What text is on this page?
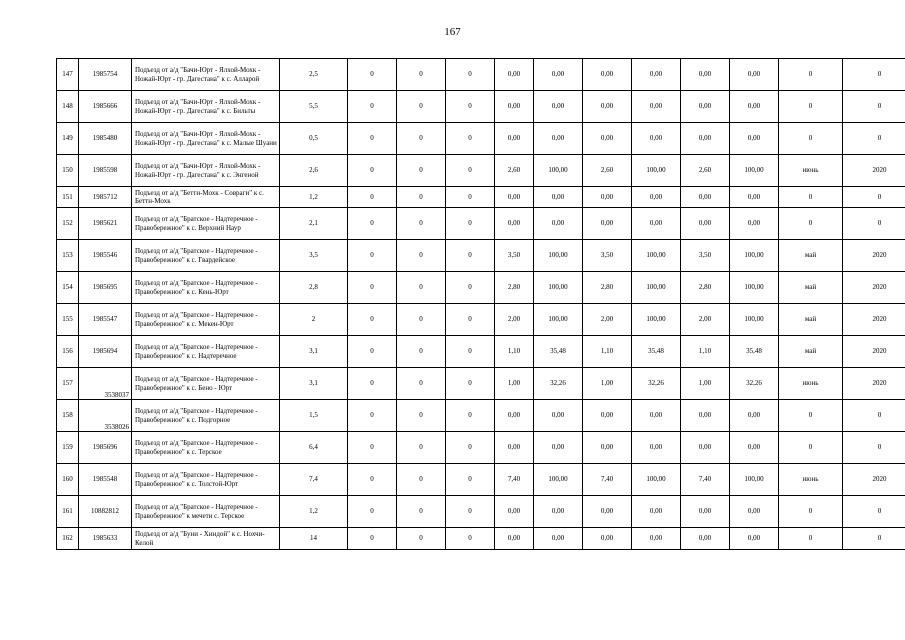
167
147	1985754	Подъезд от а/д "Бачи-Юрт - Ялхой-Мохк - Ножай-Юрт - гр. Дагестана" к с. Алларой	2,5	0	0	0	0,00	0,00	0,00	0,00	0,00	0,00	0	0
148	1985666	Подъезд от а/д "Бачи-Юрт - Ялхой-Мохк - Ножай-Юрт - гр. Дагестана" к с. Бильты	5,5	0	0	0	0,00	0,00	0,00	0,00	0,00	0,00	0	0
149	1985480	Подъезд от а/д "Бачи-Юрт - Ялхой-Мохк - Ножай-Юрт - гр. Дагестана" к с. Малые Шуани	0,5	0	0	0	0,00	0,00	0,00	0,00	0,00	0,00	0	0
150	1985598	Подъезд от а/д "Бачи-Юрт - Ялхой-Мохк - Ножай-Юрт - гр. Дагестана" к с. Энгеной	2,6	0	0	0	2,60	100,00	2,60	100,00	2,60	100,00	июнь	2020
151	1985712	Подъезд от а/д "Беттн-Мохк - Совраги" к с. Беттн-Мохк	1,2	0	0	0	0,00	0,00	0,00	0,00	0,00	0,00	0	0
152	1985621	Подъезд от а/д "Братское - Надтеречное - Правобережное" к с. Верхний Наур	2,1	0	0	0	0,00	0,00	0,00	0,00	0,00	0,00	0	0
153	1985546	Подъезд от а/д "Братское - Надтеречное - Правобережное" к с. Гвардейское	3,5	0	0	0	3,50	100,00	3,50	100,00	3,50	100,00	май	2020
154	1985695	Подъезд от а/д "Братское - Надтеречное - Правобережное" к с. Кень-Юрт	2,8	0	0	0	2,80	100,00	2,80	100,00	2,80	100,00	май	2020
155	1985547	Подъезд от а/д "Братское - Надтеречное - Правобережное" к с. Мекен-Юрт	2	0	0	0	2,00	100,00	2,00	100,00	2,00	100,00	май	2020
156	1985694	Подъезд от а/д "Братское - Надтеречное - Правобережное" к с. Надтеречное	3,1	0	0	0	1,10	35,48	1,10	35,48	1,10	35,48	май	2020
157	3538037	Подъезд от а/д "Братское - Надтеречное - Правобережное" к с. Бено - Юрт	3,1	0	0	0	1,00	32,26	1,00	32,26	1,00	32,26	июнь	2020
158	3538026	Подъезд от а/д "Братское - Надтеречное - Правобережное" к с. Подгорное	1,5	0	0	0	0,00	0,00	0,00	0,00	0,00	0,00	0	0
159	1985696	Подъезд от а/д "Братское - Надтеречное - Правобережное" к с. Терское	6,4	0	0	0	0,00	0,00	0,00	0,00	0,00	0,00	0	0
160	1985548	Подъезд от а/д "Братское - Надтеречное - Правобережное" к с. Толстой-Юрт	7,4	0	0	0	7,40	100,00	7,40	100,00	7,40	100,00	июнь	2020
161	10882812	Подъезд от а/д "Братское - Надтеречное - Правобережное" к мечети с. Терское	1,2	0	0	0	0,00	0,00	0,00	0,00	0,00	0,00	0	0
162	1985633	Подъезд от а/д "Буни - Хиндой" к с. Нохчи-Келой	14	0	0	0	0,00	0,00	0,00	0,00	0,00	0,00	0	0
